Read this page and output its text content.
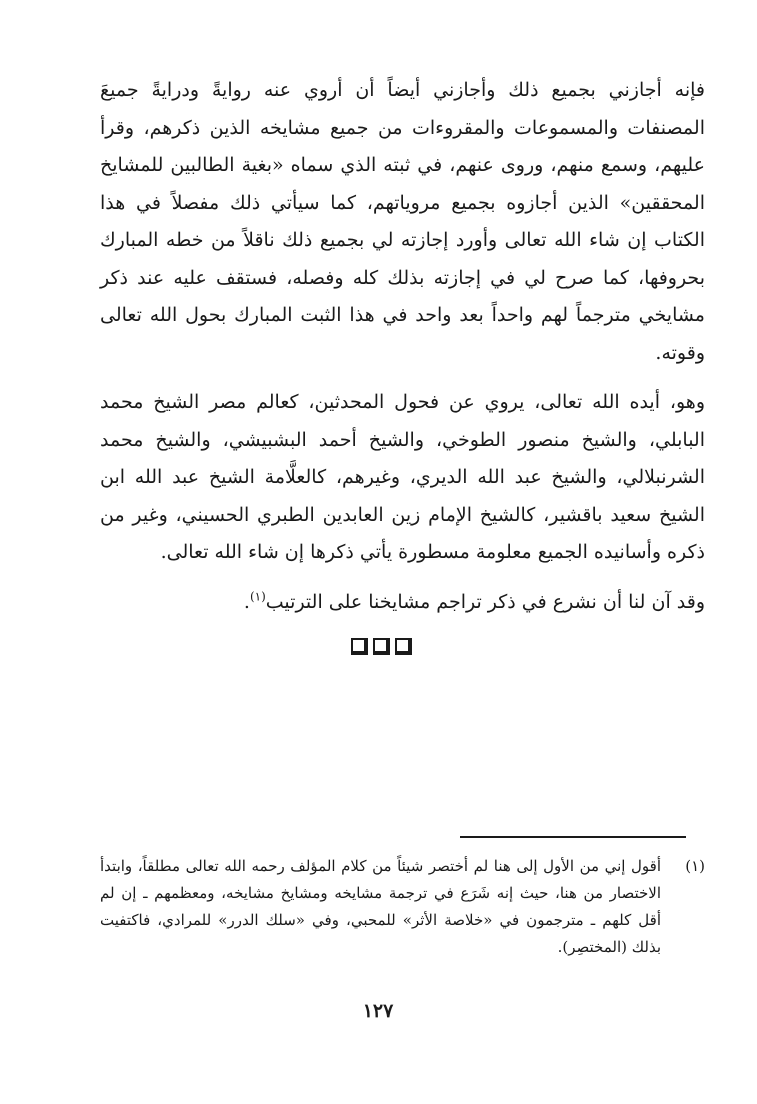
فإنه أجازني بجميع ذلك وأجازني أيضاً أن أروي عنه روايةً ودرايةً جميعَ المصنفات والمسموعات والمقروءات من جميع مشايخه الذين ذكرهم، وقرأ عليهم، وسمع منهم، وروى عنهم، في ثبته الذي سماه «بغية الطالبين للمشايخ المحققين» الذين أجازوه بجميع مروياتهم، كما سيأتي ذلك مفصلاً في هذا الكتاب إن شاء الله تعالى وأورد إجازته لي بجميع ذلك ناقلاً من خطه المبارك بحروفها، كما صرح لي في إجازته بذلك كله وفصله، فستقف عليه عند ذكر مشايخي مترجماً لهم واحداً بعد واحد في هذا الثبت المبارك بحول الله تعالى وقوته.

وهو، أيده الله تعالى، يروي عن فحول المحدثين، كعالم مصر الشيخ محمد البابلي، والشيخ منصور الطوخي، والشيخ أحمد البشبيشي، والشيخ محمد الشرنبلالي، والشيخ عبد الله الديري، وغيرهم، كالعلَّامة الشيخ عبد الله ابن الشيخ سعيد باقشير، كالشيخ الإمام زين العابدين الطبري الحسيني، وغير من ذكره وأسانيده الجميع معلومة مسطورة يأتي ذكرها إن شاء الله تعالى.

وقد آن لنا أن نشرع في ذكر تراجم مشايخنا على الترتيب$^{(١)}$.

(١)

أقول إني من الأول إلى هنا لم أختصر شيئاً من كلام المؤلف رحمه الله تعالى مطلقاً، وابتدأ الاختصار من هنا، حيث إنه شَرَع في ترجمة مشايخه ومشايخ مشايخه، ومعظمهم ـ إن لم أقل كلهم ـ مترجمون في «خلاصة الأثر» للمحبي، وفي «سلك الدرر» للمرادي، فاكتفيت بذلك (المختصِر).

١٢٧
